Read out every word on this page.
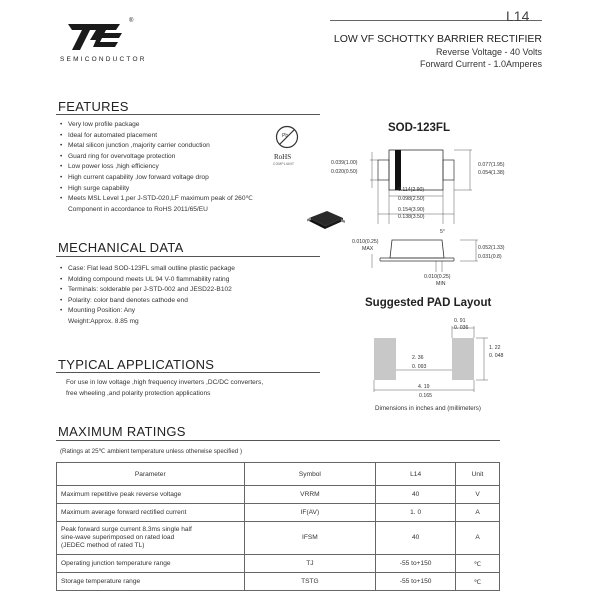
®
SEMICONDUCTOR
L14
LOW VF SCHOTTKY BARRIER RECTIFIER
Reverse Voltage - 40 Volts
Forward Current - 1.0Amperes
FEATURES
• Very low profile package
• Ideal for automated placement
• Metal silicon junction ,majority carrier conduction
• Guard ring for overvoltage protection
• Low power loss ,high efficiency
• High current capability ,low forward voltage drop
• High surge capability
• Meets MSL Level 1,per J-STD-020,LF maximum peak of 260℃
Component in accordance to RoHS 2011/65/EU
Pb
RoHS
COMPLIANT
SOD-123FL
0.039(1.00)
0.020(0.50)
0.077(1.95)
0.054(1.38)
0.114(2.90)
0.098(2.50)
0.154(3.90)
0.138(3.50)
0.010(0.25)
MAX	0.052(1.33)
0.031(0.8)
0.010(0.25)
MIN
5°
MECHANICAL DATA
• Case: Flat lead SOD-123FL small outline plastic package
• Molding compound meets UL 94 V-0 flammability rating
• Terminals: solderable per J-STD-002 and JESD22-B102
• Polarity: color band denotes cathode end
• Mounting Position: Any
Weight:Approx. 8.85 mg
Suggested PAD Layout
0. 91
0. 036
1. 22
0. 048
2. 36
0. 093
4. 19
0.165
Dimensions in inches and (millimeters)
TYPICAL APPLICATIONS
For use in low voltage ,high frequency inverters ,DC/DC converters,
free wheeling ,and polarity protection applications
MAXIMUM RATINGS
(Ratings at 25℃ ambient temperature unless otherwise specified )
Parameter	Symbol	L14	Unit
Maximum repetitive peak reverse voltage	VRRM	40	V
Maximum average forward rectified current	IF(AV)	1. 0	A

Peak forward surge current 8.3ms single half
sine-wave superimposed on rated load
(JEDEC method of rated TL)	IFSM	40	A
Operating junction temperature range	TJ	-55 to+150	℃
Storage temperature range	TSTG	-55 to+150	℃
